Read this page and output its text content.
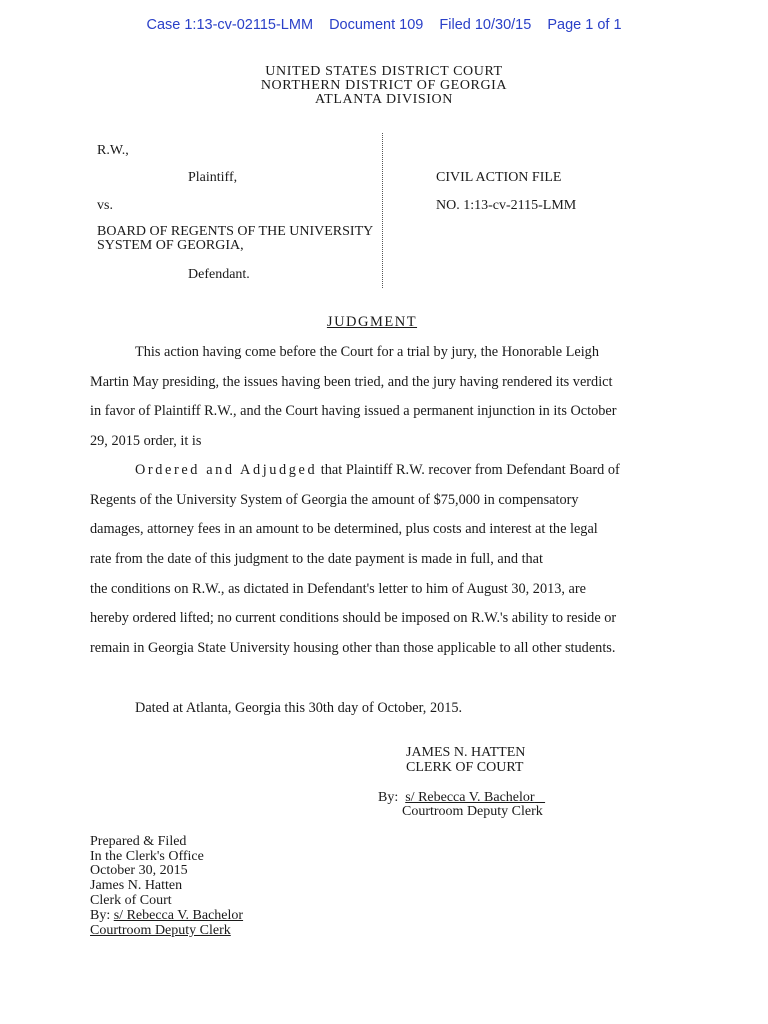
Case 1:13-cv-02115-LMM Document 109 Filed 10/30/15 Page 1 of 1
UNITED STATES DISTRICT COURT
NORTHERN DISTRICT OF GEORGIA
ATLANTA DIVISION
R.W.,
Plaintiff,
vs.
BOARD OF REGENTS OF THE UNIVERSITY
SYSTEM OF GEORGIA,
Defendant.
CIVIL ACTION FILE
NO. 1:13-cv-2115-LMM
JUDGMENT
This action having come before the Court for a trial by jury, the Honorable Leigh
Martin May presiding, the issues having been tried, and the jury having rendered its verdict
in favor of Plaintiff R.W., and the Court having issued a permanent injunction in its October
29, 2015 order, it is
Ordered and Adjudged that Plaintiff R.W. recover from Defendant Board of
Regents of the University System of Georgia the amount of $75,000 in compensatory
damages, attorney fees in an amount to be determined, plus costs and interest at the legal
rate from the date of this judgment to the date payment is made in full, and that
the conditions on R.W., as dictated in Defendant's letter to him of August 30, 2013, are
hereby ordered lifted; no current conditions should be imposed on R.W.'s ability to reside or
remain in Georgia State University housing other than those applicable to all other students.
Dated at Atlanta, Georgia this 30th day of October, 2015.
JAMES N. HATTEN
CLERK OF COURT
By: s/ Rebecca V. Bachelor
Courtroom Deputy Clerk
Prepared & Filed
In the Clerk's Office
October 30, 2015
James N. Hatten
Clerk of Court
By: s/ Rebecca V. Bachelor
Courtroom Deputy Clerk
